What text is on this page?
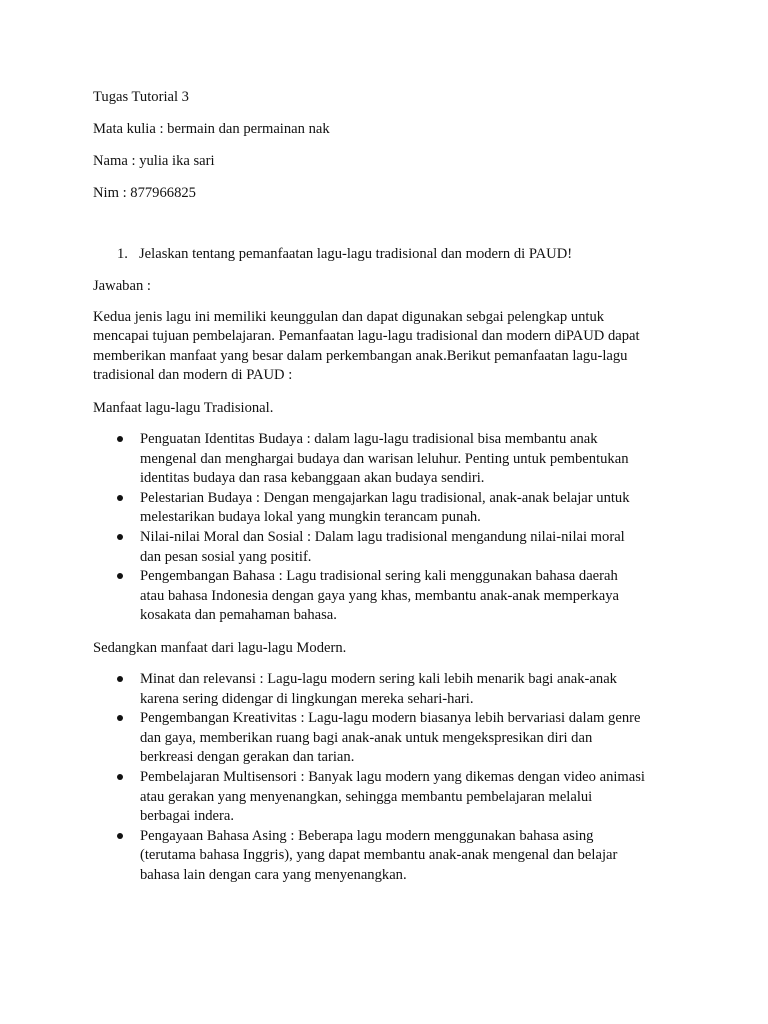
Tugas Tutorial 3
Mata kulia : bermain dan permainan nak
Nama : yulia ika sari
Nim : 877966825
1. Jelaskan tentang pemanfaatan lagu-lagu tradisional dan modern di PAUD!
Jawaban :
Kedua jenis lagu ini memiliki keunggulan dan dapat digunakan sebgai pelengkap untuk
mencapai tujuan pembelajaran. Pemanfaatan lagu-lagu tradisional dan modern diPAUD dapat
memberikan manfaat yang besar dalam perkembangan anak.Berikut pemanfaatan lagu-lagu
tradisional dan modern di PAUD :
Manfaat lagu-lagu Tradisional.
Penguatan Identitas Budaya : dalam lagu-lagu tradisional bisa membantu anak
mengenal dan menghargai budaya dan warisan leluhur. Penting untuk pembentukan
identitas budaya dan rasa kebanggaan akan budaya sendiri.
Pelestarian Budaya : Dengan mengajarkan lagu tradisional, anak-anak belajar untuk
melestarikan budaya lokal yang mungkin terancam punah.
Nilai-nilai Moral dan Sosial : Dalam lagu tradisional mengandung nilai-nilai moral
dan pesan sosial yang positif.
Pengembangan Bahasa : Lagu tradisional sering kali menggunakan bahasa daerah
atau bahasa Indonesia dengan gaya yang khas, membantu anak-anak memperkaya
kosakata dan pemahaman bahasa.
Sedangkan manfaat dari lagu-lagu Modern.
Minat dan relevansi : Lagu-lagu modern sering kali lebih menarik bagi anak-anak
karena sering didengar di lingkungan mereka sehari-hari.
Pengembangan Kreativitas : Lagu-lagu modern biasanya lebih bervariasi dalam genre
dan gaya, memberikan ruang bagi anak-anak untuk mengekspresikan diri dan
berkreasi dengan gerakan dan tarian.
Pembelajaran Multisensori : Banyak lagu modern yang dikemas dengan video animasi
atau gerakan yang menyenangkan, sehingga membantu pembelajaran melalui
berbagai indera.
Pengayaan Bahasa Asing : Beberapa lagu modern menggunakan bahasa asing
(terutama bahasa Inggris), yang dapat membantu anak-anak mengenal dan belajar
bahasa lain dengan cara yang menyenangkan.
